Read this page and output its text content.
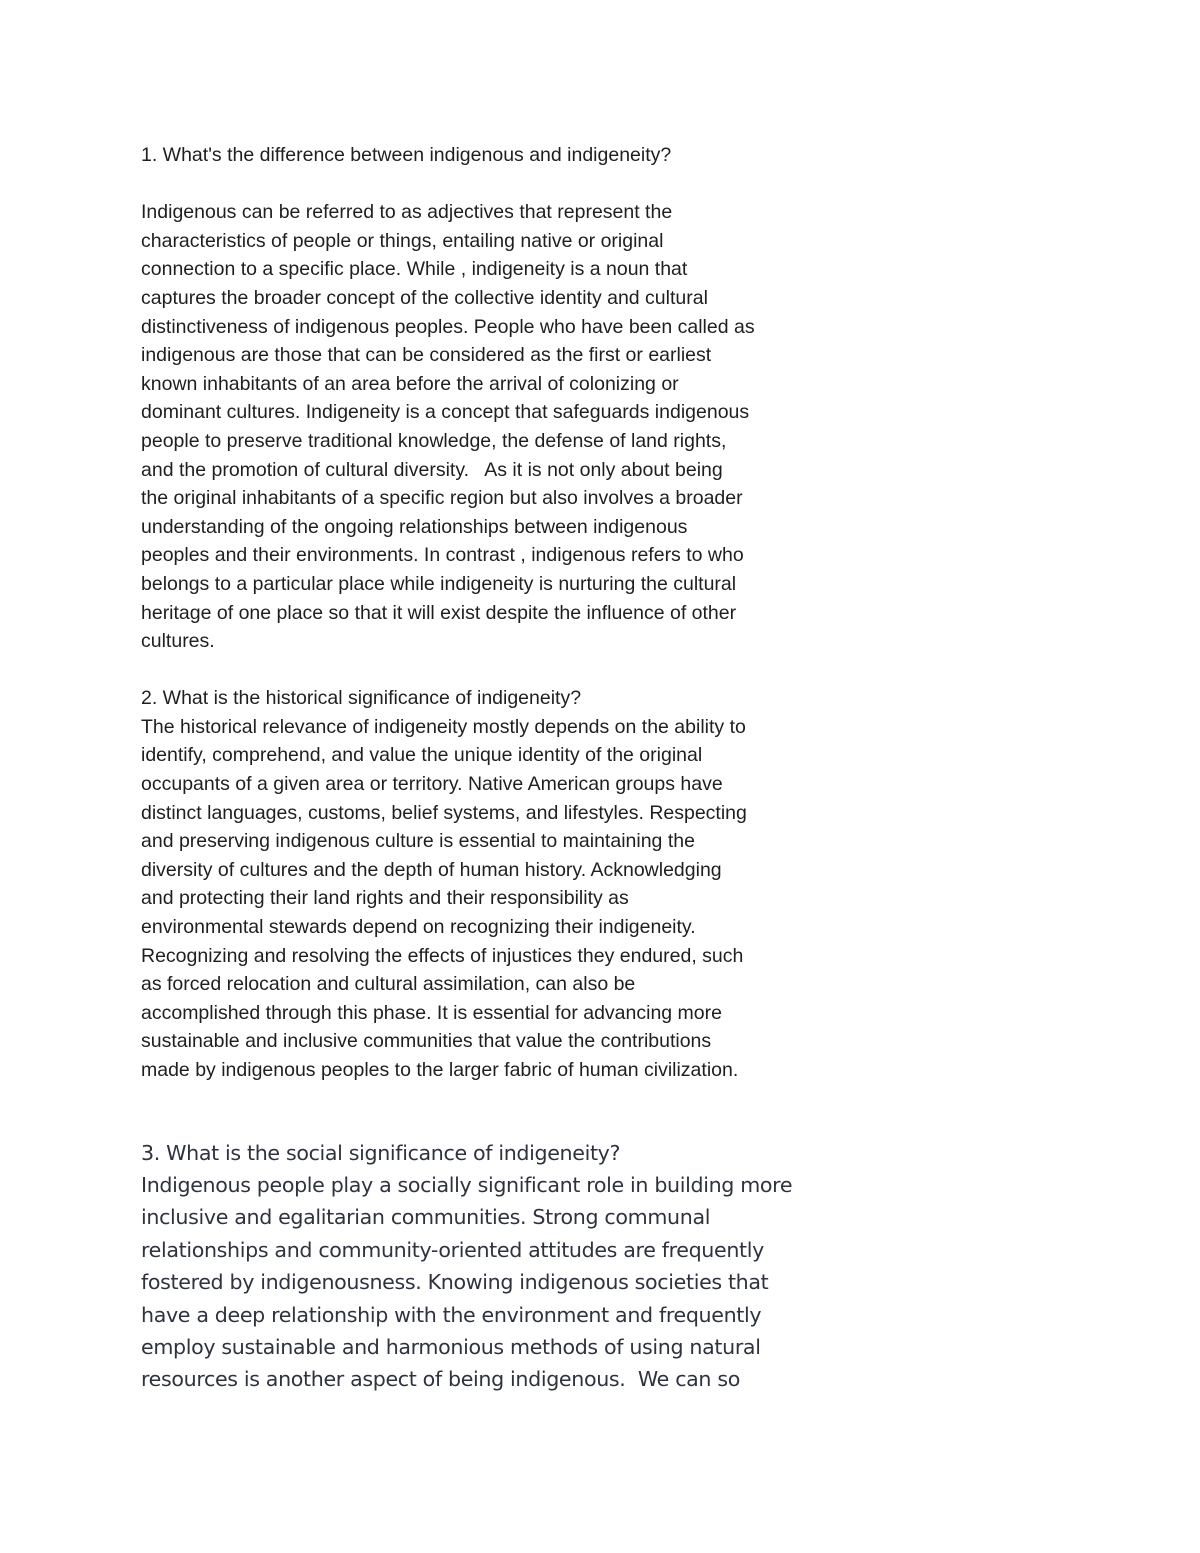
1. What's the difference between indigenous and indigeneity?
Indigenous can be referred to as adjectives that represent the
characteristics of people or things, entailing native or original
connection to a specific place. While , indigeneity is a noun that
captures the broader concept of the collective identity and cultural
distinctiveness of indigenous peoples. People who have been called as
indigenous are those that can be considered as the first or earliest
known inhabitants of an area before the arrival of colonizing or
dominant cultures. Indigeneity is a concept that safeguards indigenous
people to preserve traditional knowledge, the defense of land rights,
and the promotion of cultural diversity.   As it is not only about being
the original inhabitants of a specific region but also involves a broader
understanding of the ongoing relationships between indigenous
peoples and their environments. In contrast , indigenous refers to who
belongs to a particular place while indigeneity is nurturing the cultural
heritage of one place so that it will exist despite the influence of other
cultures.
2. What is the historical significance of indigeneity?
The historical relevance of indigeneity mostly depends on the ability to
identify, comprehend, and value the unique identity of the original
occupants of a given area or territory. Native American groups have
distinct languages, customs, belief systems, and lifestyles. Respecting
and preserving indigenous culture is essential to maintaining the
diversity of cultures and the depth of human history. Acknowledging
and protecting their land rights and their responsibility as
environmental stewards depend on recognizing their indigeneity.
Recognizing and resolving the effects of injustices they endured, such
as forced relocation and cultural assimilation, can also be
accomplished through this phase. It is essential for advancing more
sustainable and inclusive communities that value the contributions
made by indigenous peoples to the larger fabric of human civilization.
3. What is the social significance of indigeneity?
Indigenous people play a socially significant role in building more
inclusive and egalitarian communities. Strong communal
relationships and community-oriented attitudes are frequently
fostered by indigenousness. Knowing indigenous societies that
have a deep relationship with the environment and frequently
employ sustainable and harmonious methods of using natural
resources is another aspect of being indigenous.  We can so
